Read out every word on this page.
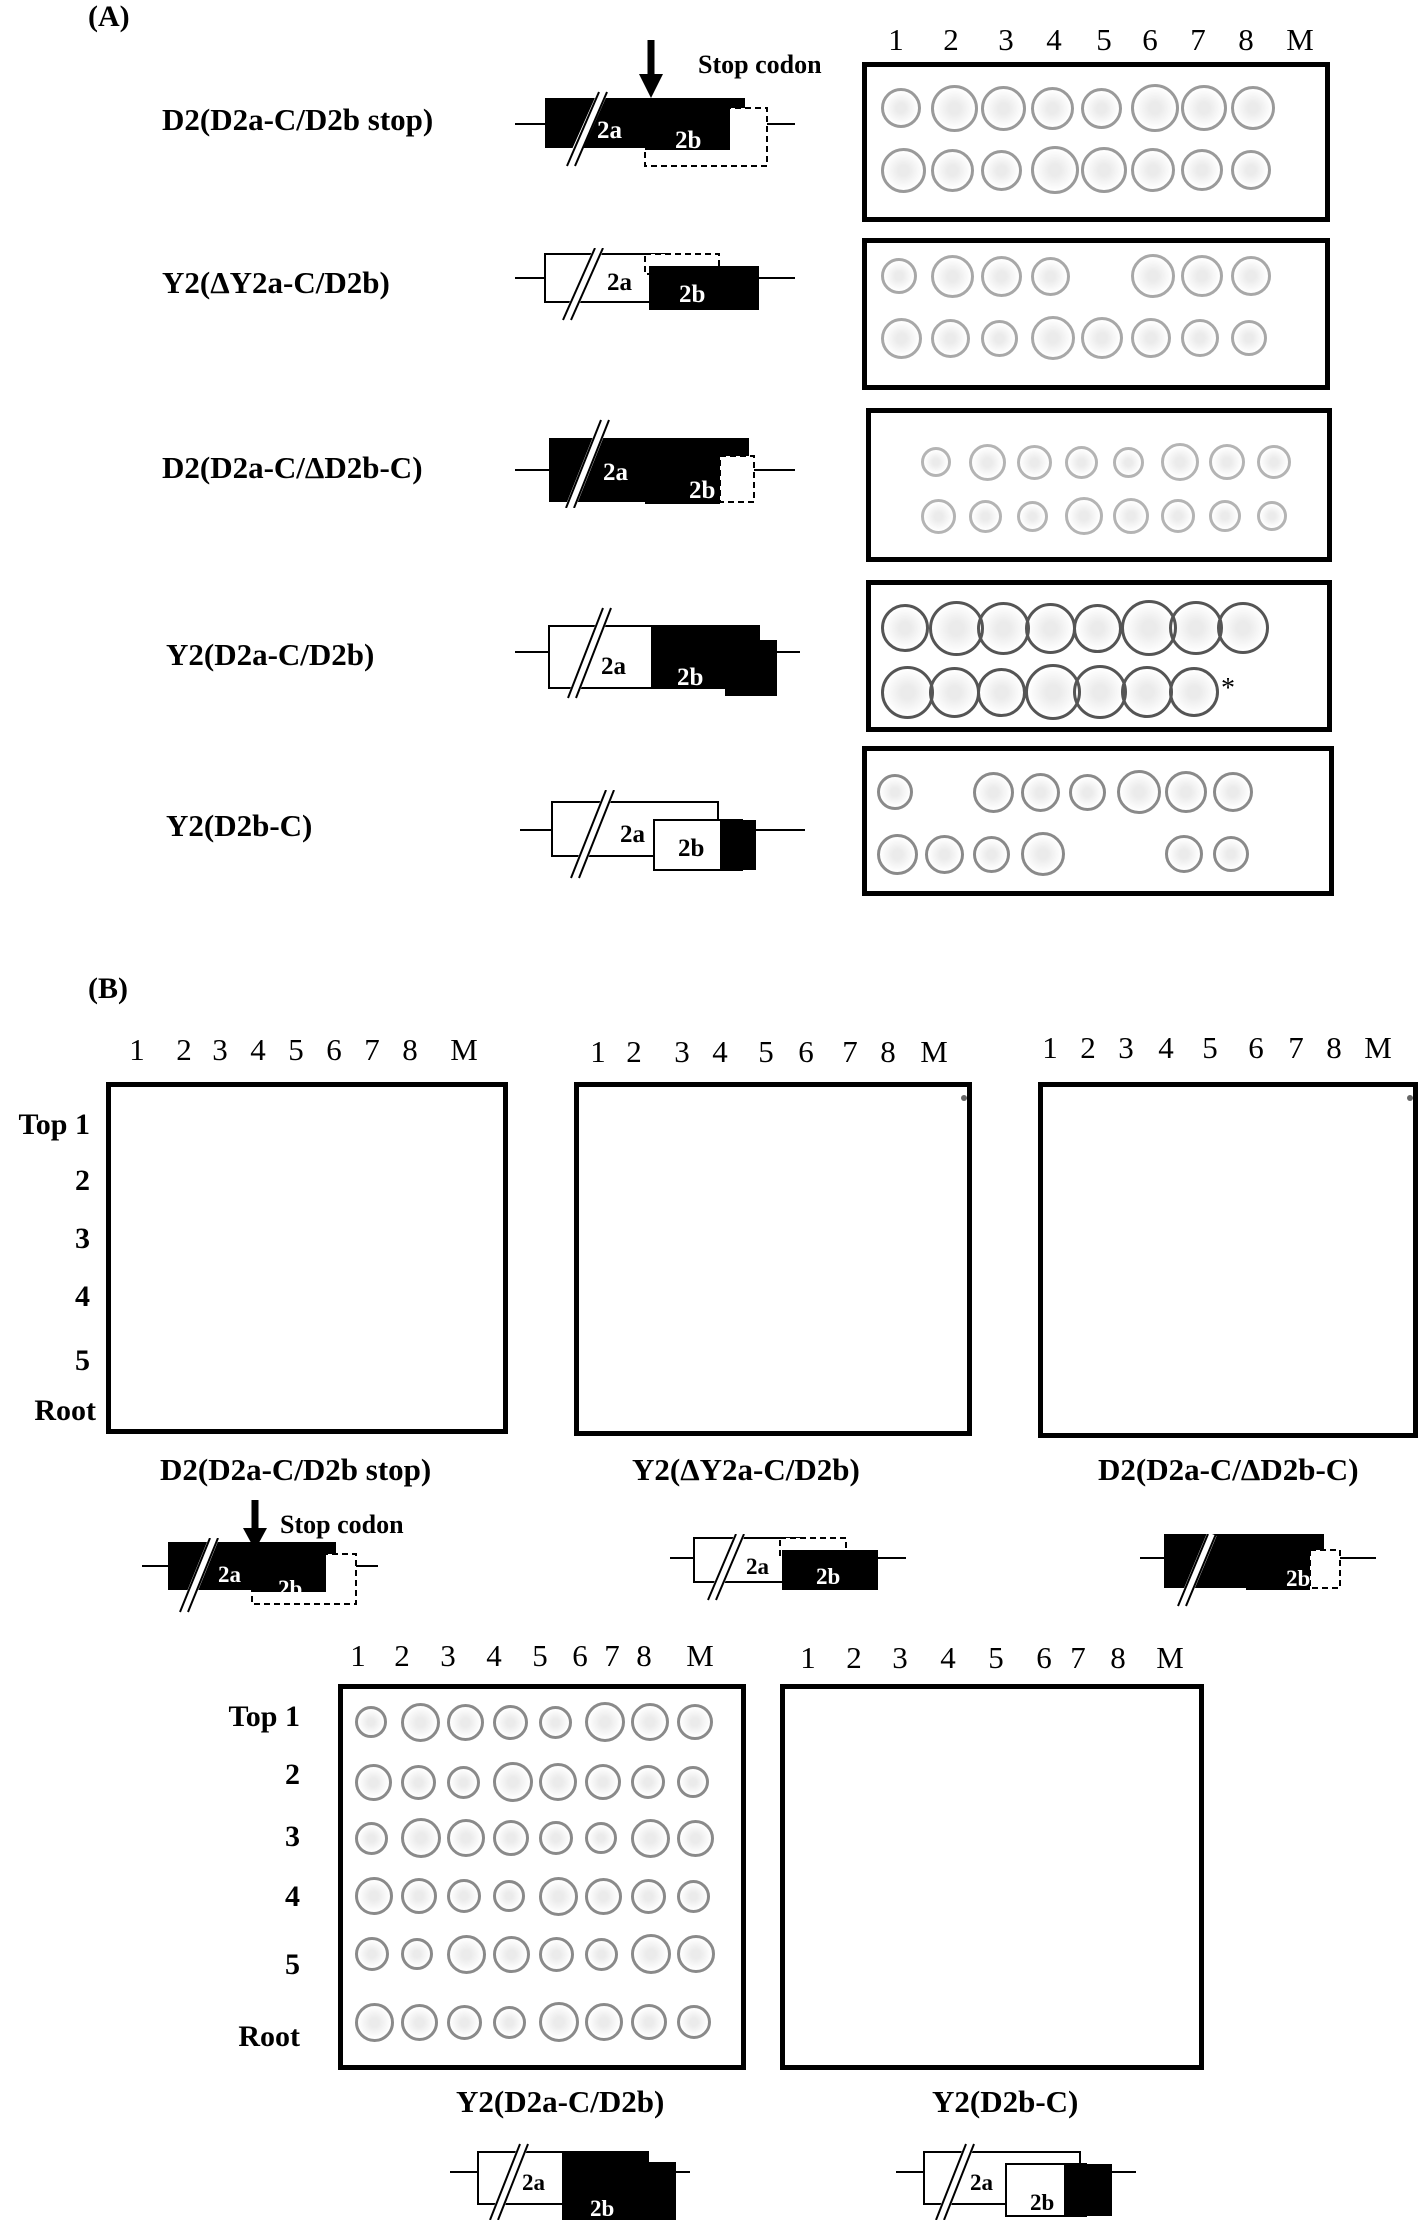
(A)
1	2	3	4	5 6	7	8	M
D2(D2a-C/D2b stop)
Y2(ΔY2a-C/D2b)
D2(D2a-C/ΔD2b-C)
Y2(D2a-C/D2b)
Y2(D2b-C)
Stop codon
2a 2b
2a 2b
2a
2b
2a 2b
2a
2b
*
(B)
1	2 3 4 5 6 7 8	M	1 2	3 4 5 6 7 8 M	1 2 3 4 5 6 7 8 M
Top 1
2
3
4
5
Root
D2(D2a-C/D2b stop)	Y2(ΔY2a-C/D2b)	D2(D2a-C/ΔD2b-C)
Stop codon
2a
2b
2a 2b	2b
1 2 3 4 5 6 7 8	M	1 2 3	4	5	6 7 8 M
Top 1
2
3
4
5
Root
Y2(D2a-C/D2b)	Y2(D2b-C)
2a
2b
2a
2b
